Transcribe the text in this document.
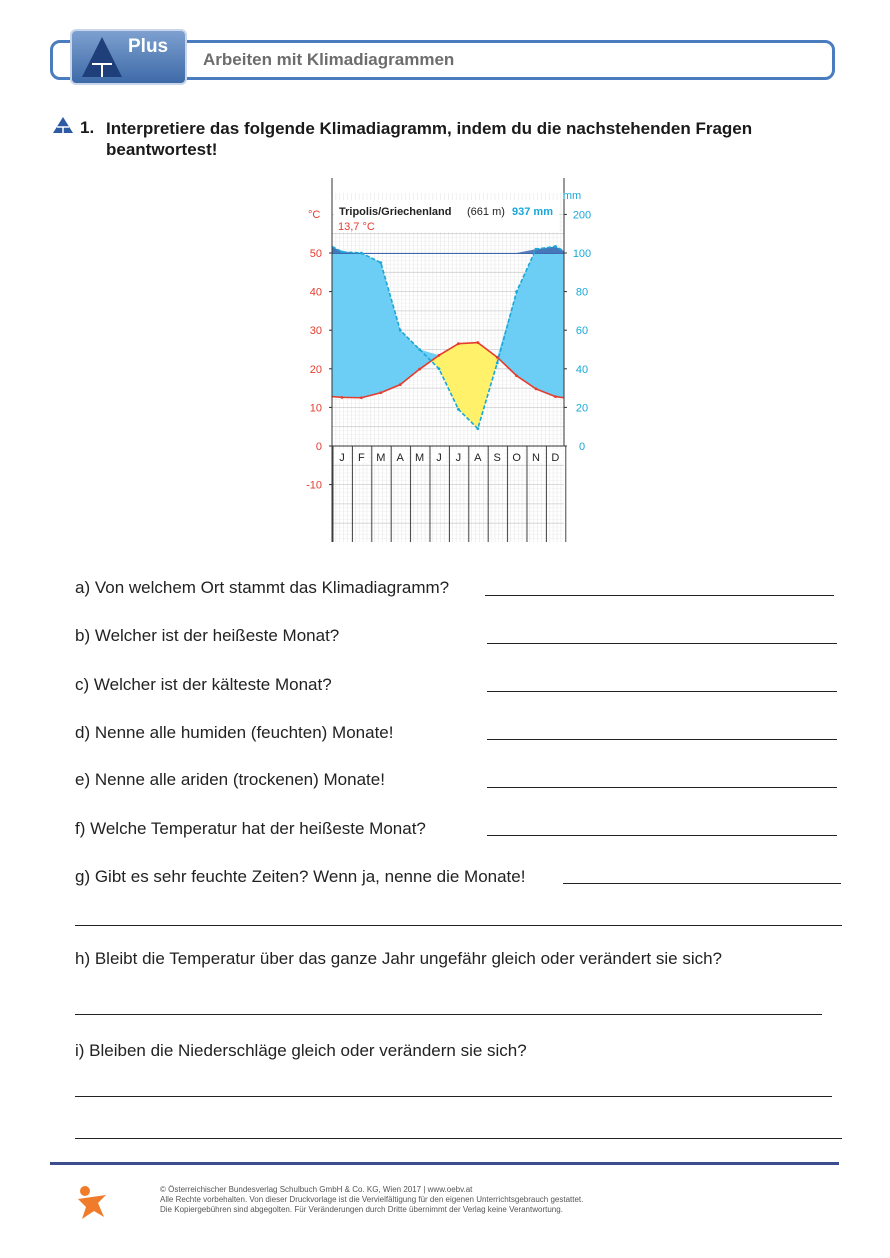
Plus
Arbeiten mit Klimadiagrammen
1. Interpretiere das folgende Klimadiagramm, indem du die nachstehenden Fragen beantwortest!
50
40
30
20
10
0
-10
200
100
80
60
40
20
0
J F M A M J J A S O N D
Tripolis/Griechenland (661 m) 937 mm
13,7 °C
°C
mm
a) Von welchem Ort stammt das Klimadiagramm?
b) Welcher ist der heißeste Monat?
c) Welcher ist der kälteste Monat?
d) Nenne alle humiden (feuchten) Monate!
e) Nenne alle ariden (trockenen) Monate!
f) Welche Temperatur hat der heißeste Monat?
g) Gibt es sehr feuchte Zeiten? Wenn ja, nenne die Monate!
h) Bleibt die Temperatur über das ganze Jahr ungefähr gleich oder verändert sie sich?
i) Bleiben die Niederschläge gleich oder verändern sie sich?
© Österreichischer Bundesverlag Schulbuch GmbH & Co. KG, Wien 2017 | www.oebv.at
Alle Rechte vorbehalten. Von dieser Druckvorlage ist die Vervielfältigung für den eigenen Unterrichtsgebrauch gestattet.
Die Kopiergebühren sind abgegolten. Für Veränderungen durch Dritte übernimmt der Verlag keine Verantwortung.
